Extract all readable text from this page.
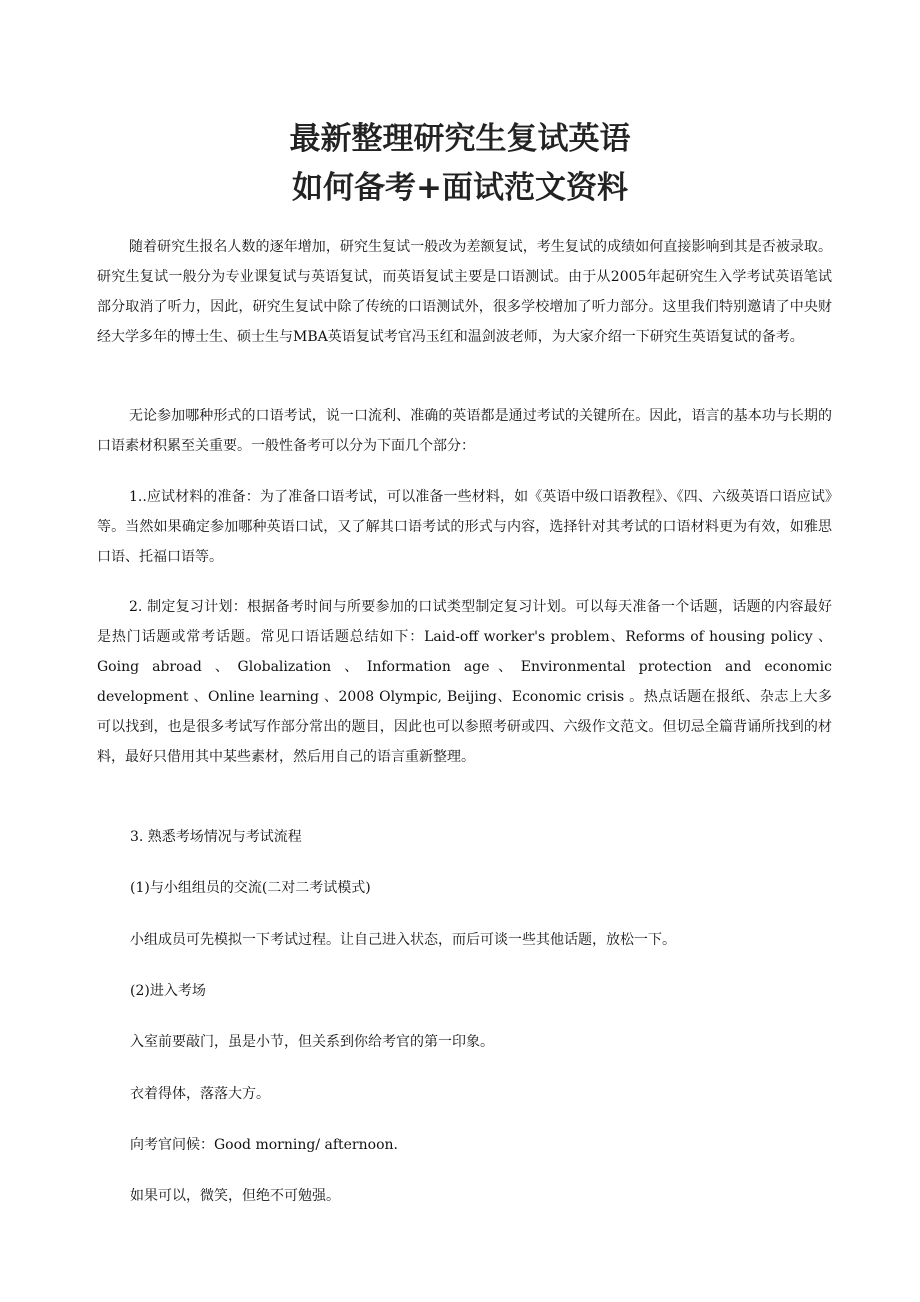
最新整理研究生复试英语
如何备考+面试范文资料

随着研究生报名人数的逐年增加，研究生复试一般改为差额复试，考生复试的成绩如何直接影响到其是否被录取。研究生复试一般分为专业课复试与英语复试，而英语复试主要是口语测试。由于从2005年起研究生入学考试英语笔试部分取消了听力，因此，研究生复试中除了传统的口语测试外，很多学校增加了听力部分。这里我们特别邀请了中央财经大学多年的博士生、硕士生与MBA英语复试考官冯玉红和温剑波老师，为大家介绍一下研究生英语复试的备考。

无论参加哪种形式的口语考试，说一口流利、准确的英语都是通过考试的关键所在。因此，语言的基本功与长期的口语素材积累至关重要。一般性备考可以分为下面几个部分：

1..应试材料的准备：为了准备口语考试，可以准备一些材料，如《英语中级口语教程》、《四、六级英语口语应试》等。当然如果确定参加哪种英语口试，又了解其口语考试的形式与内容，选择针对其考试的口语材料更为有效，如雅思口语、托福口语等。

2. 制定复习计划：根据备考时间与所要参加的口试类型制定复习计划。可以每天准备一个话题，话题的内容最好是热门话题或常考话题。常见口语话题总结如下：Laid-off worker's problem、Reforms of housing policy 、Going abroad 、Globalization 、Information age、Environmental protection and economic development 、Online learning 、2008 Olympic, Beijing、Economic crisis 。热点话题在报纸、杂志上大多可以找到，也是很多考试写作部分常出的题目，因此也可以参照考研或四、六级作文范文。但切忌全篇背诵所找到的材料，最好只借用其中某些素材，然后用自己的语言重新整理。

3. 熟悉考场情况与考试流程

(1)与小组组员的交流(二对二考试模式)

小组成员可先模拟一下考试过程。让自己进入状态，而后可谈一些其他话题，放松一下。

(2)进入考场

入室前要敲门，虽是小节，但关系到你给考官的第一印象。

衣着得体，落落大方。

向考官问候：Good morning/ afternoon.

如果可以，微笑，但绝不可勉强。
